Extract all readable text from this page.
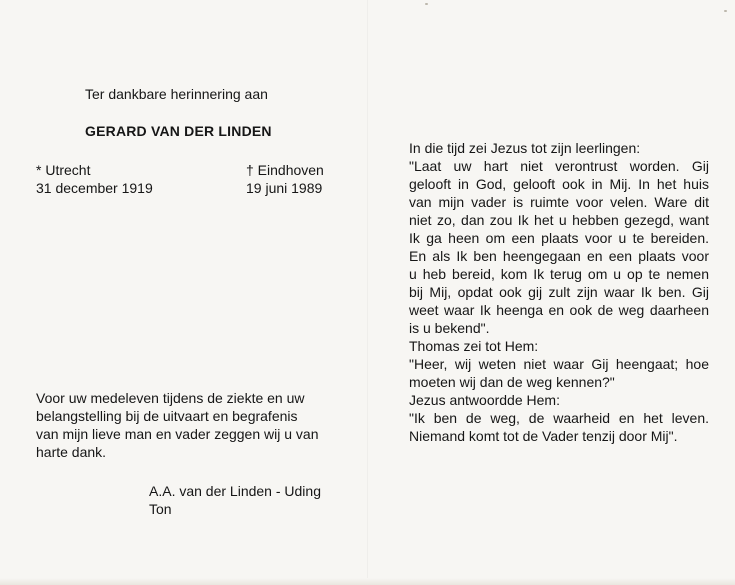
Ter dankbare herinnering aan
GERARD VAN DER LINDEN
* Utrecht
31 december 1919
† Eindhoven
19 juni 1989
Voor uw medeleven tijdens de ziekte en uw
belangstelling bij de uitvaart en begrafenis
van mijn lieve man en vader zeggen wij u van
harte dank.
A.A. van der Linden - Uding
Ton
In die tijd zei Jezus tot zijn leerlingen:
"Laat uw hart niet verontrust worden. Gij
gelooft in God, gelooft ook in Mij. In het huis
van mijn vader is ruimte voor velen. Ware dit
niet zo, dan zou Ik het u hebben gezegd, want
Ik ga heen om een plaats voor u te bereiden.
En als Ik ben heengegaan en een plaats voor
u heb bereid, kom Ik terug om u op te nemen
bij Mij, opdat ook gij zult zijn waar Ik ben. Gij
weet waar Ik heenga en ook de weg daarheen
is u bekend".
Thomas zei tot Hem:
"Heer, wij weten niet waar Gij heengaat; hoe
moeten wij dan de weg kennen?"
Jezus antwoordde Hem:
"Ik ben de weg, de waarheid en het leven.
Niemand komt tot de Vader tenzij door Mij".
